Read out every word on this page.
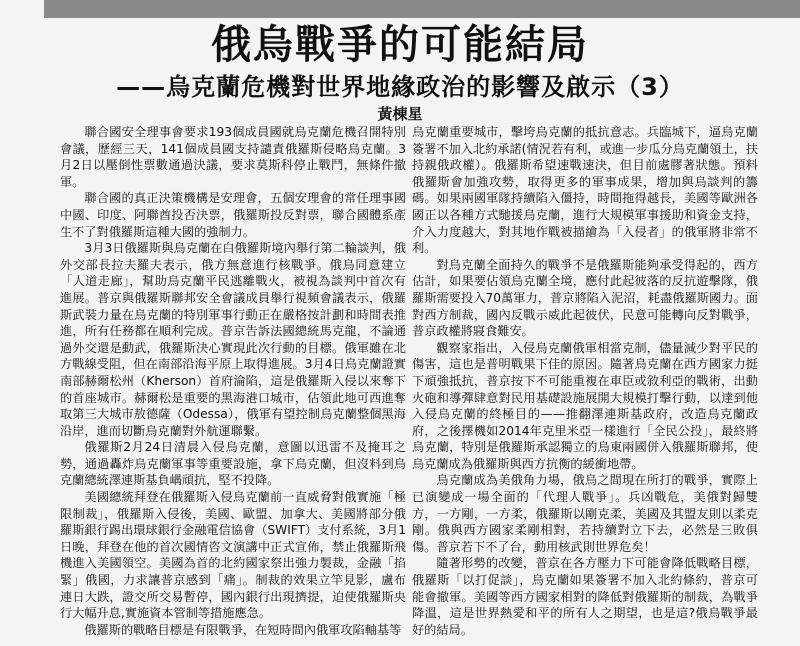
俄烏戰爭的可能結局
——烏克蘭危機對世界地緣政治的影響及啟示（3）
黃棟星

聯合國安全理事會要求193個成員國就烏克蘭危機召開特別會議，歷經三天，141個成員國支持譴責俄羅斯侵略烏克蘭。3月2日以壓倒性票數通過決議，要求莫斯科停止戰鬥，無條件撤軍。

聯合國的真正決策機構是安理會，五個安理會的常任理事國中國、印度、阿聯酋投否決票，俄羅斯投反對票，聯合國體系產生不了對俄羅斯這種大國的強制力。

3月3日俄羅斯與烏克蘭在白俄羅斯境內舉行第二輪談判，俄外交部長拉夫羅夫表示，俄方無意進行核戰爭。俄烏同意建立「人道走廊」，幫助烏克蘭平民逃離戰火，被視為談判中首次有進展。普京與俄羅斯聯邦安全會議成員舉行視頻會議表示，俄羅斯武裝力量在烏克蘭的特別軍事行動正在嚴格按計劃和時間表推進，所有任務都在順利完成。普京告訴法國總統馬克龍，不論通過外交還是動武，俄羅斯決心實現此次行動的目標。俄軍雖在北方戰線受阻，但在南部沿海平原上取得進展。3月4日烏克蘭證實南部赫爾松州（Kherson）首府淪陷，這是俄羅斯入侵以來奪下的首座城市。赫爾松是重要的黑海港口城市，佔領此地可西進奪取第三大城市敖德薩（Odessa），俄軍有望控制烏克蘭整個黑海沿岸，進而切斷烏克蘭對外航運聯繫。

俄羅斯2月24日清晨入侵烏克蘭，意圖以迅雷不及掩耳之勢，通過轟炸烏克蘭軍事等重要設施，拿下烏克蘭，但沒料到烏克蘭總統澤連斯基負嵎頑抗，堅不投降。

美國總統拜登在俄羅斯入侵烏克蘭前一直威脅對俄實施「極限制裁」，俄羅斯入侵後，美國、歐盟、加拿大、美國將部分俄羅斯銀行踢出環球銀行金融電信協會（SWIFT）支付系統，3月1日晚，拜登在他的首次國情咨文演講中正式宣佈，禁止俄羅斯飛機進入美國領空。美國為首的北約國家祭出強力製裁，金融「掐緊」俄國，力求讓普京感到「痛」。制裁的效果立竿見影，盧布連日大跌，證交所交易暫停，國內銀行出現擠提，迫使俄羅斯央行大幅升息,實施資本管制等措施應急。

俄羅斯的戰略目標是有限戰爭，在短時間內俄軍攻陷軸基等

烏克蘭重要城市，擊垮烏克蘭的抵抗意志。兵臨城下，逼烏克蘭簽署不加入北約承諾(情況若有利，或進一步瓜分烏克蘭領土，扶持親俄政權）。俄羅斯希望速戰速決，但目前處膠著狀態。預料俄羅斯會加強攻勢，取得更多的軍事成果，增加與烏談判的籌碼。如果兩國軍隊持續陷入僵持，時間拖得越長，美國等歐洲各國正以各種方式馳援烏克蘭，進行大規模軍事援助和資金支持，介入力度越大，對其地作戰被描繪為「入侵者」的俄軍將非常不利。

對烏克蘭全面持久的戰爭不是俄羅斯能夠承受得起的，西方估計，如果要佔領烏克蘭全境，應付此起彼落的反抗遊擊隊，俄羅斯需要投入70萬軍力，普京將陷入泥沼，耗盡俄羅斯國力。面對西方制裁，國內反戰示威此起彼伏，民意可能轉向反對戰爭，普京政權將寢食難安。

觀察家指出，入侵烏克蘭俄軍相當克制，儘量減少對平民的傷害，這也是普明戰果下佳的原因。隨著烏克蘭在西方國家力挺下頑強抵抗，普京按下不可能重複在車臣或敘利亞的戰術，出動火砲和導彈肆意對民用基礎設施展開大規模打擊行動，以達到他入侵烏克蘭的終極目的——推翻澤連斯基政府，改造烏克蘭政府，之後擇機如2014年克里米亞一樣進行「全民公投」，最終將烏克蘭，特別是俄羅斯承認獨立的烏東兩國併入俄羅斯聯邦，使烏克蘭成為俄羅斯與西方抗衡的緩衝地帶。

烏克蘭成為美俄角力場，俄烏之間現在所打的戰爭，實際上已演變成一場全面的「代理人戰爭」。兵凶戰危，美俄對歸雙方，一方剛，一方柔，俄羅斯以剛克柔，美國及其盟友則以柔克剛。俄與西方國家柔剛相對，若持續對立下去，必然是三敗俱傷。普京若下不了台，動用核武則世界危矣！

隨著形勢的改變，普京在各方壓力下可能會降低戰略目標，俄羅斯「以打促談」，烏克蘭如果簽署不加入北約條約，普京可能會撤軍。美國等西方國家相對的降低對俄羅斯的制裁，為戰爭降溫，這是世界熱愛和平的所有人之期望，也是這?俄烏戰爭最好的結局。
